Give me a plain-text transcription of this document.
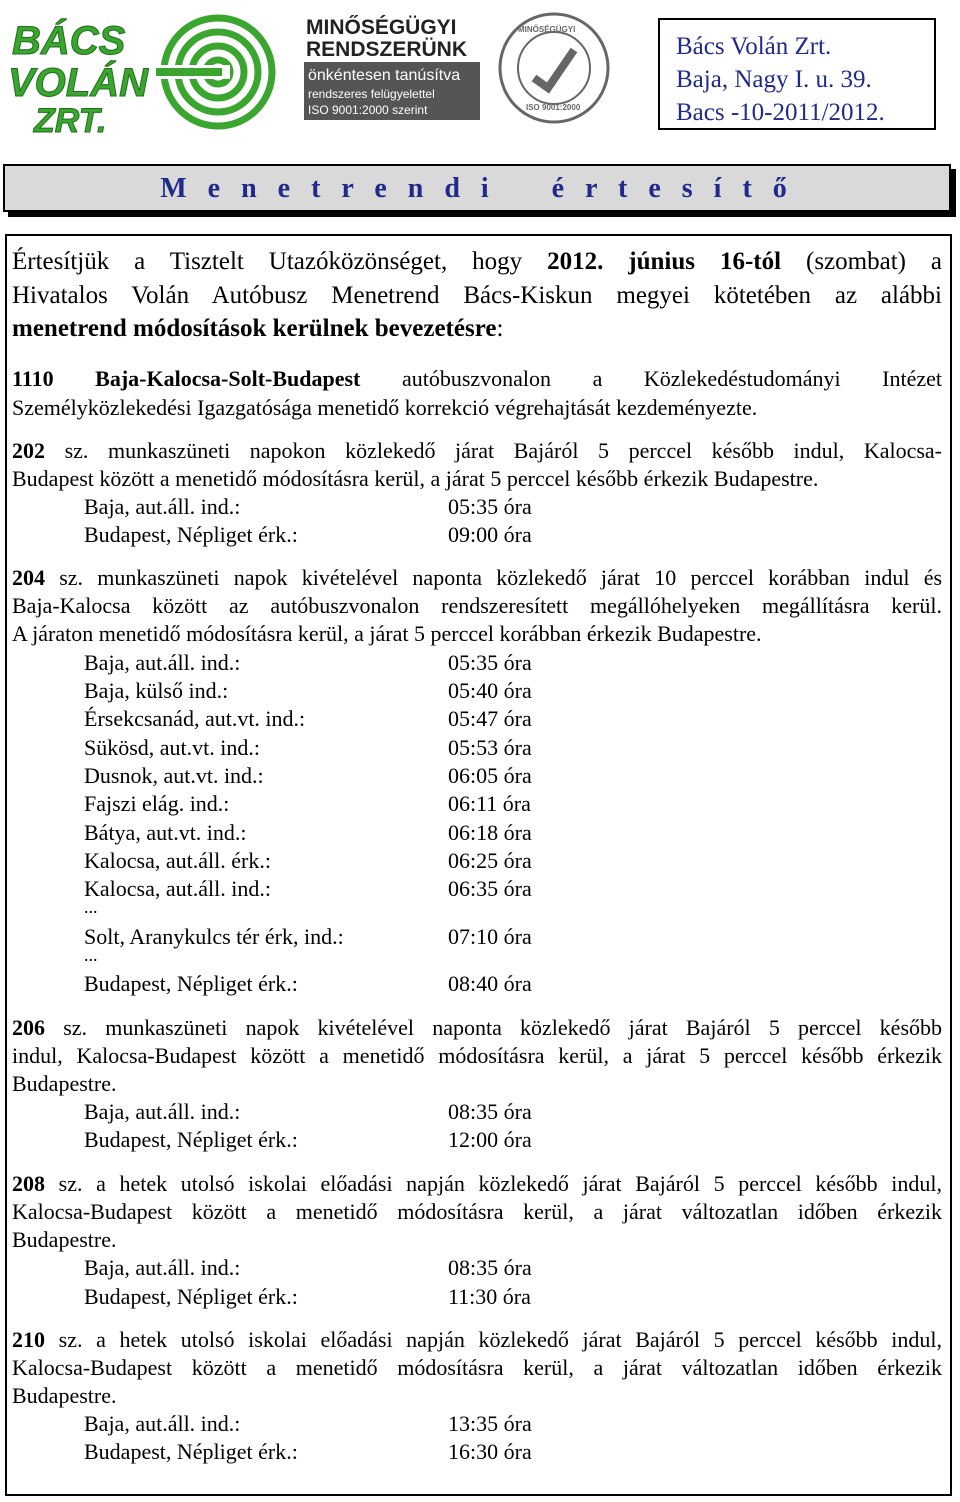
BÁCS
VOLÁN
ZRT.
MINŐSÉGÜGYI
RENDSZERÜNK
önkéntesen tanúsítva
rendszeres felügyelettel
ISO 9001:2000 szerint
MINŐSÉGÜGYI
ISO 9001:2000
Bács Volán Zrt.
Baja, Nagy I. u. 39.
Bacs -10-2011/2012.
M e n e t r e n d i    é r t e s í t ő
Értesítjük a Tisztelt Utazóközönséget, hogy 2012. június 16-tól (szombat) a
Hivatalos Volán Autóbusz Menetrend Bács-Kiskun megyei kötetében az alábbi
menetrend módosítások kerülnek bevezetésre:
1110 Baja-Kalocsa-Solt-Budapest autóbuszvonalon a Közlekedéstudományi Intézet
Személyközlekedési Igazgatósága menetidő korrekció végrehajtását kezdeményezte.
202 sz. munkaszüneti napokon közlekedő járat Bajáról 5 perccel később indul, Kalocsa-
Budapest között a menetidő módosításra kerül, a járat 5 perccel később érkezik Budapestre.
Baja, aut.áll. ind.:	05:35 óra
Budapest, Népliget érk.:	09:00 óra
204 sz. munkaszüneti napok kivételével naponta közlekedő járat 10 perccel korábban indul és
Baja-Kalocsa között az autóbuszvonalon rendszeresített megállóhelyeken megállításra kerül.
A járaton menetidő módosításra kerül, a járat 5 perccel korábban érkezik Budapestre.
Baja, aut.áll. ind.:	05:35 óra
Baja, külső ind.:	05:40 óra
Érsekcsanád, aut.vt. ind.:	05:47 óra
Sükösd, aut.vt. ind.:	05:53 óra
Dusnok, aut.vt. ind.:	06:05 óra
Fajszi elág. ind.:	06:11 óra
Bátya, aut.vt. ind.:	06:18 óra
Kalocsa, aut.áll. érk.:	06:25 óra
Kalocsa, aut.áll. ind.:	06:35 óra
...
Solt, Aranykulcs tér érk, ind.:	07:10 óra
...
Budapest, Népliget érk.:	08:40 óra
206 sz. munkaszüneti napok kivételével naponta közlekedő járat Bajáról 5 perccel később
indul, Kalocsa-Budapest között a menetidő módosításra kerül, a járat 5 perccel később érkezik
Budapestre.
Baja, aut.áll. ind.:	08:35 óra
Budapest, Népliget érk.:	12:00 óra
208 sz. a hetek utolsó iskolai előadási napján közlekedő járat Bajáról 5 perccel később indul,
Kalocsa-Budapest között a menetidő módosításra kerül, a járat változatlan időben érkezik
Budapestre.
Baja, aut.áll. ind.:	08:35 óra
Budapest, Népliget érk.:	11:30 óra
210 sz. a hetek utolsó iskolai előadási napján közlekedő járat Bajáról 5 perccel később indul,
Kalocsa-Budapest között a menetidő módosításra kerül, a járat változatlan időben érkezik
Budapestre.
Baja, aut.áll. ind.:	13:35 óra
Budapest, Népliget érk.:	16:30 óra
